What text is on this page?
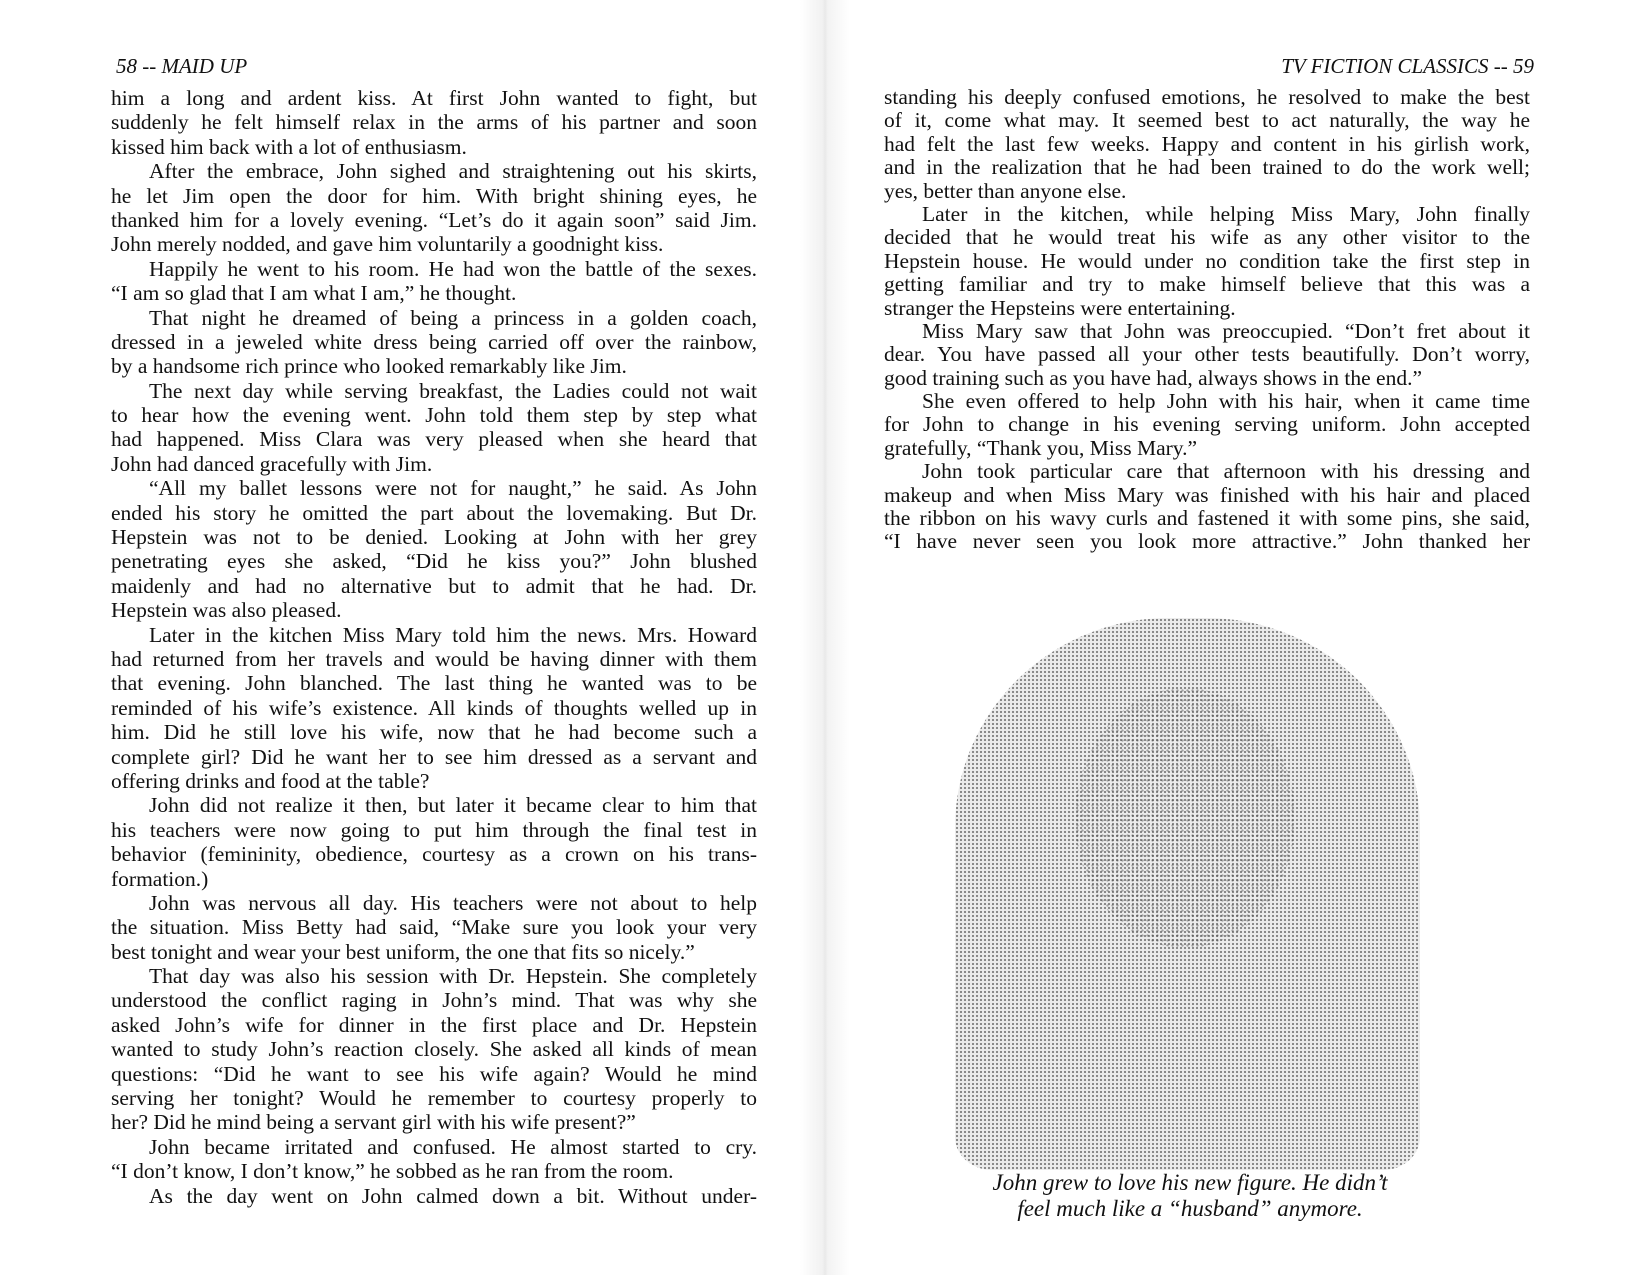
58 -- MAID UP	TV FICTION CLASSICS -- 59
him a long and ardent kiss. At first John wanted to fight, but
suddenly he felt himself relax in the arms of his partner and soon
kissed him back with a lot of enthusiasm.
After the embrace, John sighed and straightening out his skirts,
he let Jim open the door for him. With bright shining eyes, he
thanked him for a lovely evening. “Let’s do it again soon” said Jim.
John merely nodded, and gave him voluntarily a goodnight kiss.
Happily he went to his room. He had won the battle of the sexes.
“I am so glad that I am what I am,” he thought.
That night he dreamed of being a princess in a golden coach,
dressed in a jeweled white dress being carried off over the rainbow,
by a handsome rich prince who looked remarkably like Jim.
The next day while serving breakfast, the Ladies could not wait
to hear how the evening went. John told them step by step what
had happened. Miss Clara was very pleased when she heard that
John had danced gracefully with Jim.
“All my ballet lessons were not for naught,” he said. As John
ended his story he omitted the part about the lovemaking. But Dr.
Hepstein was not to be denied. Looking at John with her grey
penetrating eyes she asked, “Did he kiss you?” John blushed
maidenly and had no alternative but to admit that he had. Dr.
Hepstein was also pleased.
Later in the kitchen Miss Mary told him the news. Mrs. Howard
had returned from her travels and would be having dinner with them
that evening. John blanched. The last thing he wanted was to be
reminded of his wife’s existence. All kinds of thoughts welled up in
him. Did he still love his wife, now that he had become such a
complete girl? Did he want her to see him dressed as a servant and
offering drinks and food at the table?
John did not realize it then, but later it became clear to him that
his teachers were now going to put him through the final test in
behavior (femininity, obedience, courtesy as a crown on his trans-
formation.)
John was nervous all day. His teachers were not about to help
the situation. Miss Betty had said, “Make sure you look your very
best tonight and wear your best uniform, the one that fits so nicely.”
That day was also his session with Dr. Hepstein. She completely
understood the conflict raging in John’s mind. That was why she
asked John’s wife for dinner in the first place and Dr. Hepstein
wanted to study John’s reaction closely. She asked all kinds of mean
questions: “Did he want to see his wife again? Would he mind
serving her tonight? Would he remember to courtesy properly to
her? Did he mind being a servant girl with his wife present?”
John became irritated and confused. He almost started to cry.
“I don’t know, I don’t know,” he sobbed as he ran from the room.
As the day went on John calmed down a bit. Without under-
standing his deeply confused emotions, he resolved to make the best
of it, come what may. It seemed best to act naturally, the way he
had felt the last few weeks. Happy and content in his girlish work,
and in the realization that he had been trained to do the work well;
yes, better than anyone else.
Later in the kitchen, while helping Miss Mary, John finally
decided that he would treat his wife as any other visitor to the
Hepstein house. He would under no condition take the first step in
getting familiar and try to make himself believe that this was a
stranger the Hepsteins were entertaining.
Miss Mary saw that John was preoccupied. “Don’t fret about it
dear. You have passed all your other tests beautifully. Don’t worry,
good training such as you have had, always shows in the end.”
She even offered to help John with his hair, when it came time
for John to change in his evening serving uniform. John accepted
gratefully, “Thank you, Miss Mary.”
John took particular care that afternoon with his dressing and
makeup and when Miss Mary was finished with his hair and placed
the ribbon on his wavy curls and fastened it with some pins, she said,
“I have never seen you look more attractive.” John thanked her
John grew to love his new figure. He didn’t
feel much like a “husband” anymore.
